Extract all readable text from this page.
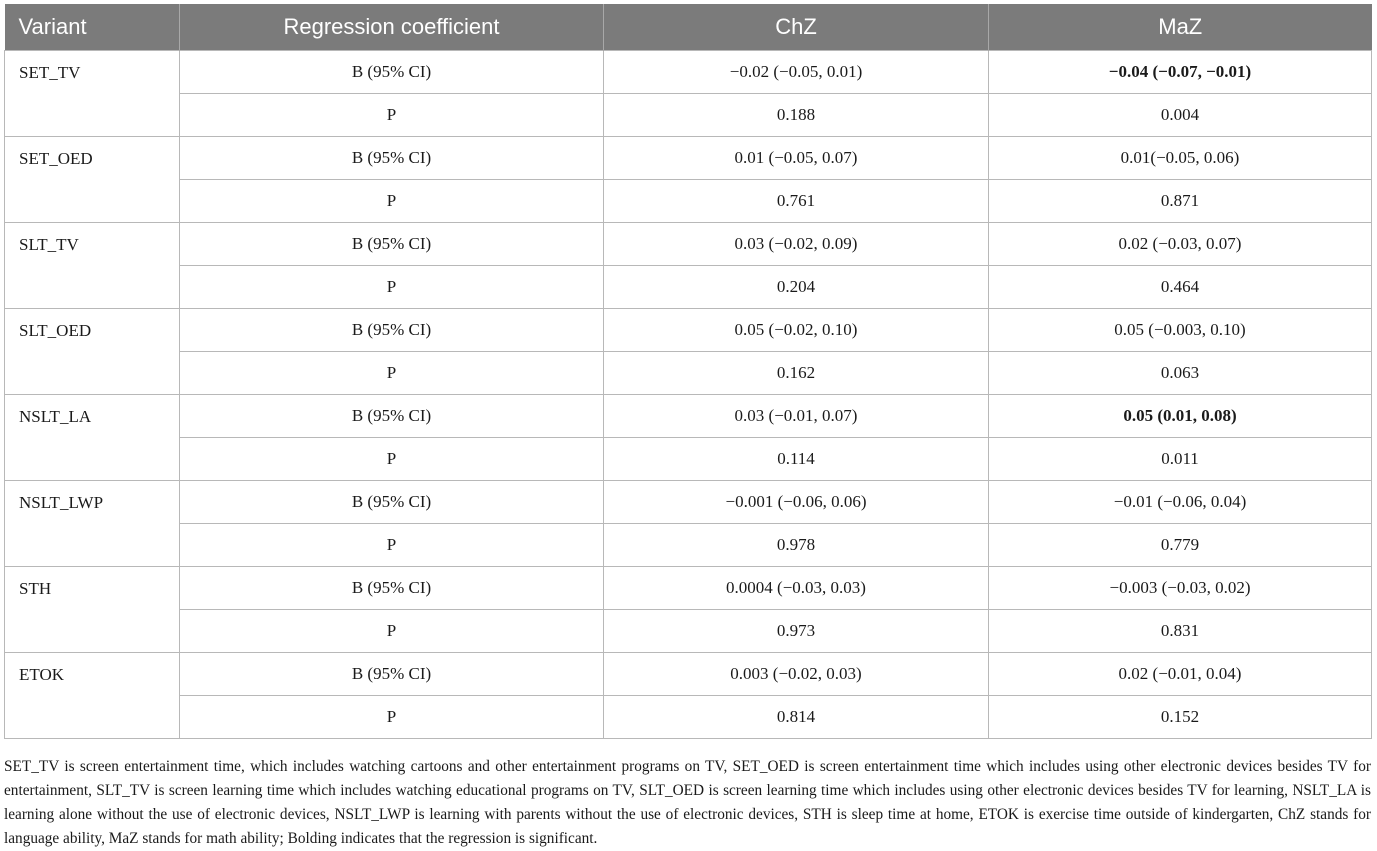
Variant	Regression coefficient	ChZ	MaZ
SET_TV	B (95% CI)	−0.02 (−0.05, 0.01)	−0.04 (−0.07, −0.01)
	P	0.188	0.004
SET_OED	B (95% CI)	0.01 (−0.05, 0.07)	0.01(−0.05, 0.06)
	P	0.761	0.871
SLT_TV	B (95% CI)	0.03 (−0.02, 0.09)	0.02 (−0.03, 0.07)
	P	0.204	0.464
SLT_OED	B (95% CI)	0.05 (−0.02, 0.10)	0.05 (−0.003, 0.10)
	P	0.162	0.063
NSLT_LA	B (95% CI)	0.03 (−0.01, 0.07)	0.05 (0.01, 0.08)
	P	0.114	0.011
NSLT_LWP	B (95% CI)	−0.001 (−0.06, 0.06)	−0.01 (−0.06, 0.04)
	P	0.978	0.779
STH	B (95% CI)	0.0004 (−0.03, 0.03)	−0.003 (−0.03, 0.02)
	P	0.973	0.831
ETOK	B (95% CI)	0.003 (−0.02, 0.03)	0.02 (−0.01, 0.04)
	P	0.814	0.152

SET_TV is screen entertainment time, which includes watching cartoons and other entertainment programs on TV, SET_OED is screen entertainment time which includes using other electronic devices besides TV for entertainment, SLT_TV is screen learning time which includes watching educational programs on TV, SLT_OED is screen learning time which includes using other electronic devices besides TV for learning, NSLT_LA is learning alone without the use of electronic devices, NSLT_LWP is learning with parents without the use of electronic devices, STH is sleep time at home, ETOK is exercise time outside of kindergarten, ChZ stands for language ability, MaZ stands for math ability; Bolding indicates that the regression is significant.
